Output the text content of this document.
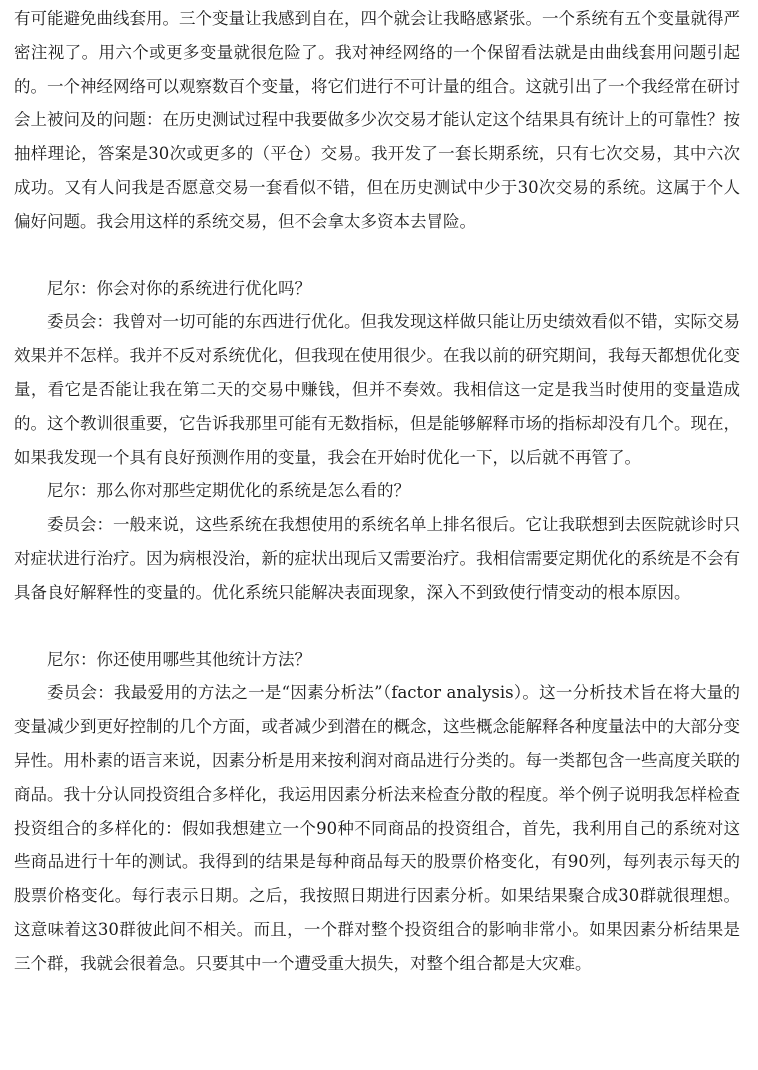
有可能避免曲线套用。三个变量让我感到自在，四个就会让我略感紧张。一个系统有五个变量就得严密注视了。用六个或更多变量就很危险了。我对神经网络的一个保留看法就是由曲线套用问题引起的。一个神经网络可以观察数百个变量，将它们进行不可计量的组合。这就引出了一个我经常在研讨会上被问及的问题：在历史测试过程中我要做多少次交易才能认定这个结果具有统计上的可靠性？按抽样理论，答案是30次或更多的（平仓）交易。我开发了一套长期系统，只有七次交易，其中六次成功。又有人问我是否愿意交易一套看似不错，但在历史测试中少于30次交易的系统。这属于个人偏好问题。我会用这样的系统交易，但不会拿太多资本去冒险。

尼尔：你会对你的系统进行优化吗？

委员会：我曾对一切可能的东西进行优化。但我发现这样做只能让历史绩效看似不错，实际交易效果并不怎样。我并不反对系统优化，但我现在使用很少。在我以前的研究期间，我每天都想优化变量，看它是否能让我在第二天的交易中赚钱，但并不奏效。我相信这一定是我当时使用的变量造成的。这个教训很重要，它告诉我那里可能有无数指标，但是能够解释市场的指标却没有几个。现在，如果我发现一个具有良好预测作用的变量，我会在开始时优化一下，以后就不再管了。

尼尔：那么你对那些定期优化的系统是怎么看的？

委员会：一般来说，这些系统在我想使用的系统名单上排名很后。它让我联想到去医院就诊时只对症状进行治疗。因为病根没治，新的症状出现后又需要治疗。我相信需要定期优化的系统是不会有具备良好解释性的变量的。优化系统只能解决表面现象，深入不到致使行情变动的根本原因。

尼尔：你还使用哪些其他统计方法？

委员会：我最爱用的方法之一是“因素分析法”（factor analysis）。这一分析技术旨在将大量的变量减少到更好控制的几个方面，或者减少到潜在的概念，这些概念能解释各种度量法中的大部分变异性。用朴素的语言来说，因素分析是用来按利润对商品进行分类的。每一类都包含一些高度关联的商品。我十分认同投资组合多样化，我运用因素分析法来检查分散的程度。举个例子说明我怎样检查投资组合的多样化的：假如我想建立一个90种不同商品的投资组合，首先，我利用自己的系统对这些商品进行十年的测试。我得到的结果是每种商品每天的股票价格变化，有90列，每列表示每天的股票价格变化。每行表示日期。之后，我按照日期进行因素分析。如果结果聚合成30群就很理想。这意味着这30群彼此间不相关。而且，一个群对整个投资组合的影响非常小。如果因素分析结果是三个群，我就会很着急。只要其中一个遭受重大损失，对整个组合都是大灾难。
